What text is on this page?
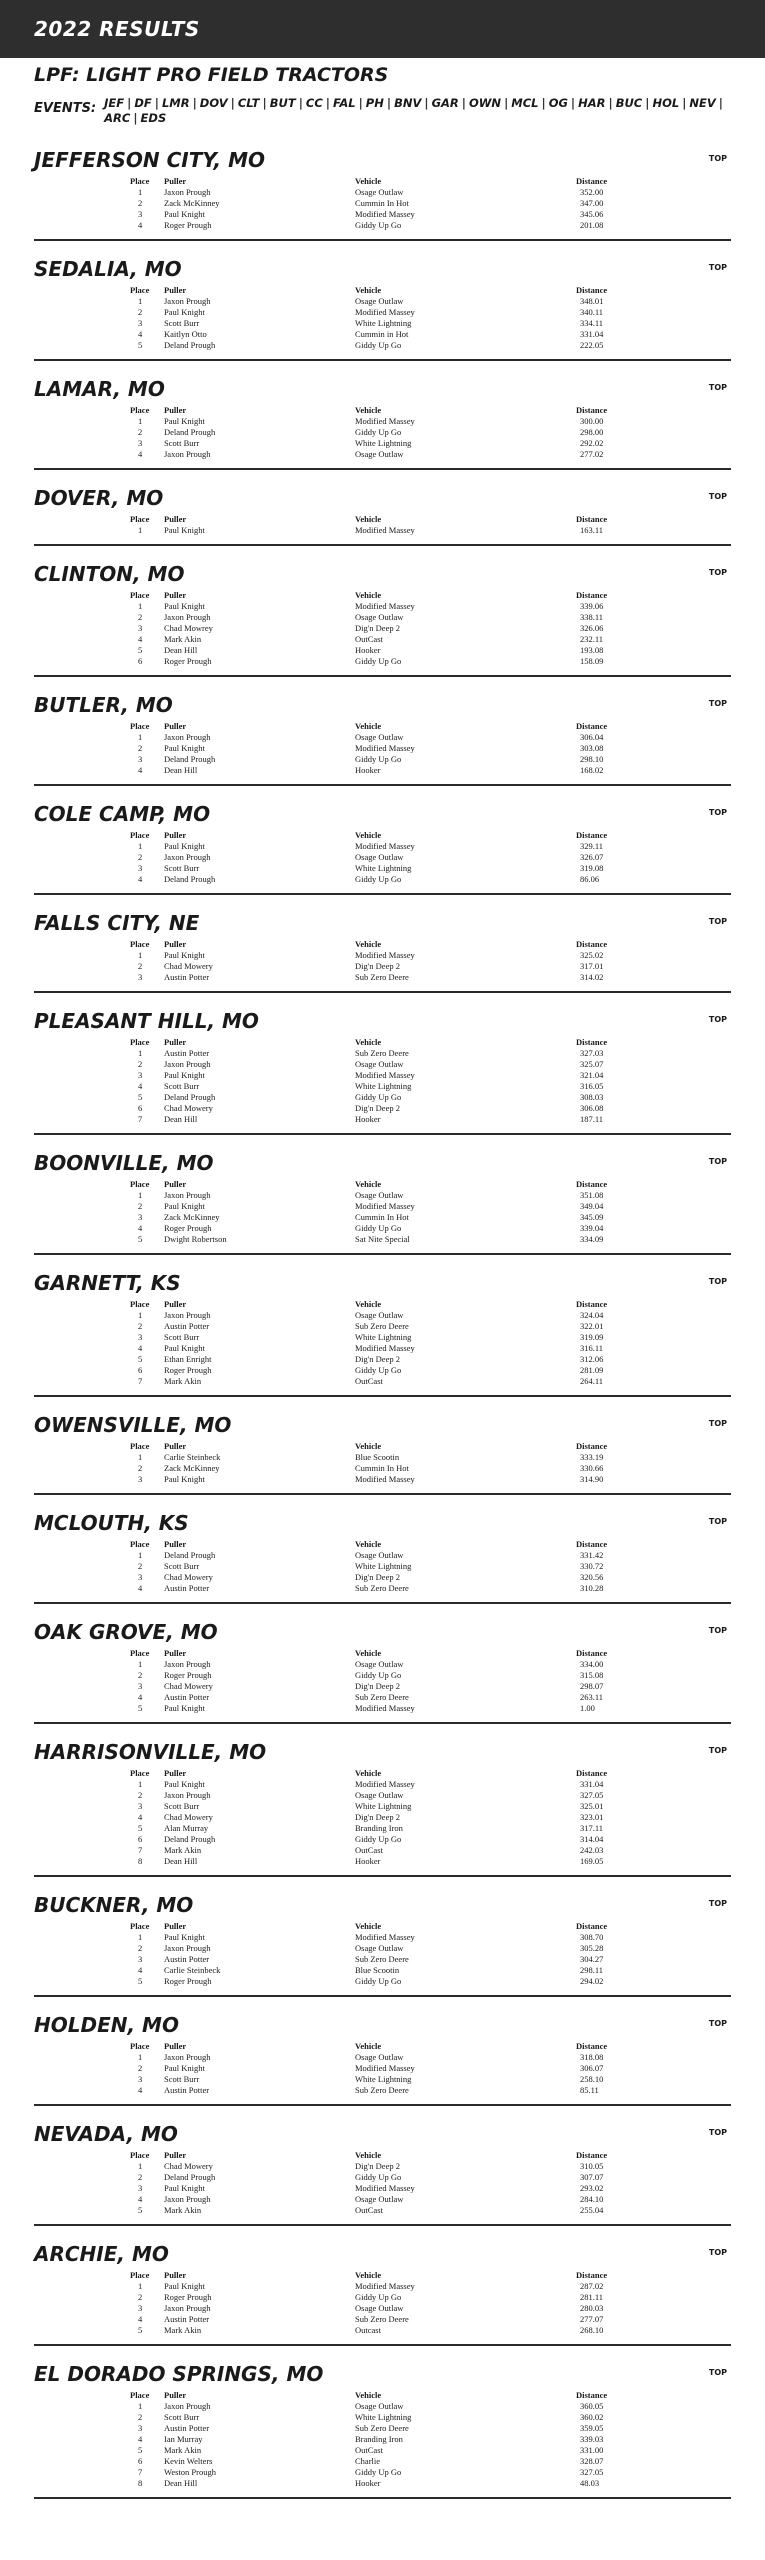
2022 RESULTS
LPF: LIGHT PRO FIELD TRACTORS
EVENTS: JEF | DF | LMR | DOV | CLT | BUT | CC | FAL | PH | BNV | GAR | OWN | MCL | OG | HAR | BUC | HOL | NEV |
ARC | EDS
JEFFERSON CITY, MO	TOP
Place	Puller	Vehicle	Distance
1	Jaxon Prough	Osage Outlaw	352.00
2	Zack McKinney	Cummin In Hot	347.00
3	Paul Knight	Modified Massey	345.06
4	Roger Prough	Giddy Up Go	201.08
SEDALIA, MO	TOP
Place	Puller	Vehicle	Distance
1	Jaxon Prough	Osage Outlaw	348.01
2	Paul Knight	Modified Massey	340.11
3	Scott Burr	White Lightning	334.11
4	Kaitlyn Otto	Cummin in Hot	331.04
5	Deland Prough	Giddy Up Go	222.05
LAMAR, MO	TOP
Place	Puller	Vehicle	Distance
1	Paul Knight	Modified Massey	300.00
2	Deland Prough	Giddy Up Go	298.00
3	Scott Burr	White Lightning	292.02
4	Jaxon Prough	Osage Outlaw	277.02
DOVER, MO	TOP
Place	Puller	Vehicle	Distance
1	Paul Knight	Modified Massey	163.11
CLINTON, MO	TOP
Place	Puller	Vehicle	Distance
1	Paul Knight	Modified Massey	339.06
2	Jaxon Prough	Osage Outlaw	338.11
3	Chad Mowrey	Dig'n Deep 2	326.06
4	Mark Akin	OutCast	232.11
5	Dean Hill	Hooker	193.08
6	Roger Prough	Giddy Up Go	158.09
BUTLER, MO	TOP
Place	Puller	Vehicle	Distance
1	Jaxon Prough	Osage Outlaw	306.04
2	Paul Knight	Modified Massey	303.08
3	Deland Prough	Giddy Up Go	298.10
4	Dean Hill	Hooker	168.02
COLE CAMP, MO	TOP
Place	Puller	Vehicle	Distance
1	Paul Knight	Modified Massey	329.11
2	Jaxon Prough	Osage Outlaw	326.07
3	Scott Burr	White Lightning	319.08
4	Deland Prough	Giddy Up Go	86.06
FALLS CITY, NE	TOP
Place	Puller	Vehicle	Distance
1	Paul Knight	Modified Massey	325.02
2	Chad Mowery	Dig'n Deep 2	317.01
3	Austin Potter	Sub Zero Deere	314.02
PLEASANT HILL, MO	TOP
Place	Puller	Vehicle	Distance
1	Austin Potter	Sub Zero Deere	327.03
2	Jaxon Prough	Osage Outlaw	325.07
3	Paul Knight	Modified Massey	321.04
4	Scott Burr	White Lightning	316.05
5	Deland Prough	Giddy Up Go	308.03
6	Chad Mowery	Dig'n Deep 2	306.08
7	Dean Hill	Hooker	187.11
BOONVILLE, MO	TOP
Place	Puller	Vehicle	Distance
1	Jaxon Prough	Osage Outlaw	351.08
2	Paul Knight	Modified Massey	349.04
3	Zack McKinney	Cummin In Hot	345.09
4	Roger Prough	Giddy Up Go	339.04
5	Dwight Robertson	Sat Nite Special	334.09
GARNETT, KS	TOP
Place	Puller	Vehicle	Distance
1	Jaxon Prough	Osage Outlaw	324.04
2	Austin Potter	Sub Zero Deere	322.01
3	Scott Burr	White Lightning	319.09
4	Paul Knight	Modified Massey	316.11
5	Ethan Enright	Dig'n Deep 2	312.06
6	Roger Prough	Giddy Up Go	281.09
7	Mark Akin	OutCast	264.11
OWENSVILLE, MO	TOP
Place	Puller	Vehicle	Distance
1	Carlie Steinbeck	Blue Scootin	333.19
2	Zack McKinney	Cummin In Hot	330.66
3	Paul Knight	Modified Massey	314.90
MCLOUTH, KS	TOP
Place	Puller	Vehicle	Distance
1	Deland Prough	Osage Outlaw	331.42
2	Scott Burr	White Lightning	330.72
3	Chad Mowery	Dig'n Deep 2	320.56
4	Austin Potter	Sub Zero Deere	310.28
OAK GROVE, MO	TOP
Place	Puller	Vehicle	Distance
1	Jaxon Prough	Osage Outlaw	334.00
2	Roger Prough	Giddy Up Go	315.08
3	Chad Mowery	Dig'n Deep 2	298.07
4	Austin Potter	Sub Zero Deere	263.11
5	Paul Knight	Modified Massey	1.00
HARRISONVILLE, MO	TOP
Place	Puller	Vehicle	Distance
1	Paul Knight	Modified Massey	331.04
2	Jaxon Prough	Osage Outlaw	327.05
3	Scott Burr	White Lightning	325.01
4	Chad Mowery	Dig'n Deep 2	323.01
5	Alan Murray	Branding Iron	317.11
6	Deland Prough	Giddy Up Go	314.04
7	Mark Akin	OutCast	242.03
8	Dean Hill	Hooker	169.05
BUCKNER, MO	TOP
Place	Puller	Vehicle	Distance
1	Paul Knight	Modified Massey	308.70
2	Jaxon Prough	Osage Outlaw	305.28
3	Austin Potter	Sub Zero Deere	304.27
4	Carlie Steinbeck	Blue Scootin	298.11
5	Roger Prough	Giddy Up Go	294.02
HOLDEN, MO	TOP
Place	Puller	Vehicle	Distance
1	Jaxon Prough	Osage Outlaw	318.08
2	Paul Knight	Modified Massey	306.07
3	Scott Burr	White Lightning	258.10
4	Austin Potter	Sub Zero Deere	85.11
NEVADA, MO	TOP
Place	Puller	Vehicle	Distance
1	Chad Mowery	Dig'n Deep 2	310.05
2	Deland Prough	Giddy Up Go	307.07
3	Paul Knight	Modified Massey	293.02
4	Jaxon Prough	Osage Outlaw	284.10
5	Mark Akin	OutCast	255.04
ARCHIE, MO	TOP
Place	Puller	Vehicle	Distance
1	Paul Knight	Modified Massey	287.02
2	Roger Prough	Giddy Up Go	281.11
3	Jaxon Prough	Osage Outlaw	280.03
4	Austin Potter	Sub Zero Deere	277.07
5	Mark Akin	Outcast	268.10
EL DORADO SPRINGS, MO	TOP
Place	Puller	Vehicle	Distance
1	Jaxon Prough	Osage Outlaw	360.05
2	Scott Burr	White Lightning	360.02
3	Austin Potter	Sub Zero Deere	359.05
4	Ian Murray	Branding Iron	339.03
5	Mark Akin	OutCast	331.00
6	Kevin Welters	Charlie	328.07
7	Weston Prough	Giddy Up Go	327.05
8	Dean Hill	Hooker	48.03
